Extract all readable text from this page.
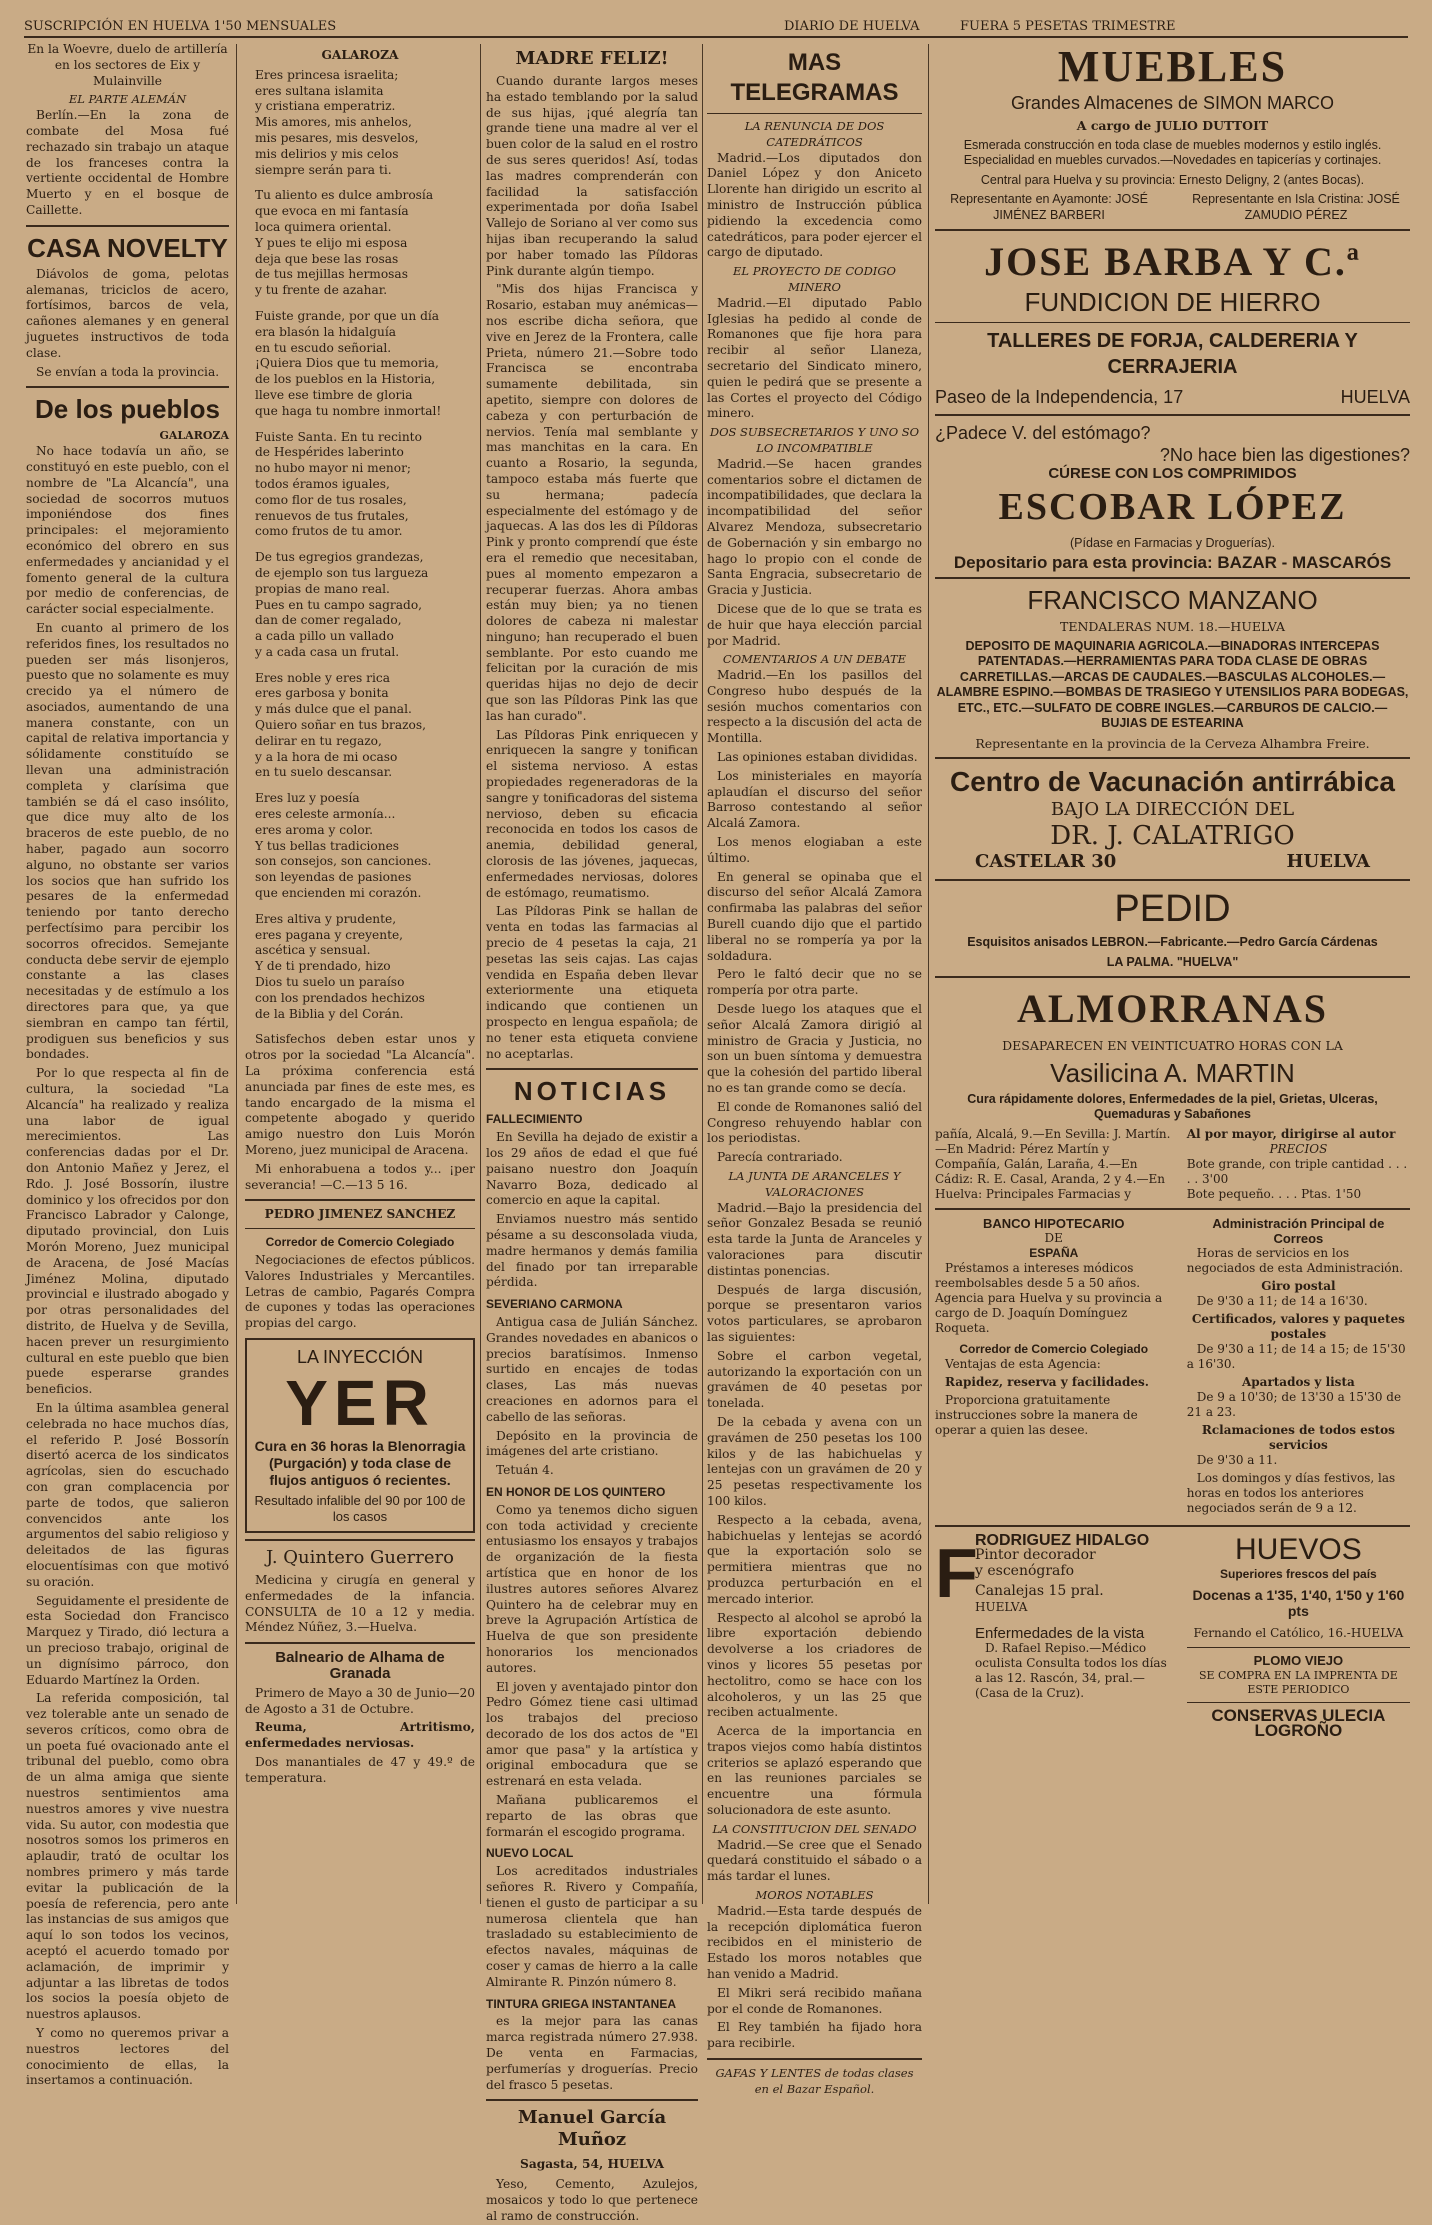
SUSCRIPCIÓN EN HUELVA 1'50 MENSUALES	DIARIO DE HUELVA	FUERA 5 PESETAS TRIMESTRE

En la Woevre, duelo de artillería en los sectores de Eix y Mulainville

EL PARTE ALEMÁN

Berlín.—En la zona de combate del Mosa fué rechazado sin trabajo un ataque de los franceses contra la vertiente occidental de Hombre Muerto y en el bosque de Caillette.

CASA NOVELTY

Diávolos de goma, pelotas alemanas, triciclos de acero, fortísimos, barcos de vela, cañones alemanes y en general juguetes instructivos de toda clase.

Se envían a toda la provincia.

De los pueblos
GALAROZA

No hace todavía un año, se constituyó en este pueblo, con el nombre de "La Alcancía", una sociedad de socorros mutuos imponiéndose dos fines principales: el mejoramiento económico del obrero en sus enfermedades y ancianidad y el fomento general de la cultura por medio de conferencias, de carácter social especialmente.

En cuanto al primero de los referidos fines, los resultados no pueden ser más lisonjeros, puesto que no solamente es muy crecido ya el número de asociados, aumentando de una manera constante, con un capital de relativa importancia y sólidamente constituído se llevan una administración completa y clarísima que también se dá el caso insólito, que dice muy alto de los braceros de este pueblo, de no haber, pagado aun socorro alguno, no obstante ser varios los socios que han sufrido los pesares de la enfermedad teniendo por tanto derecho perfectísimo para percibir los socorros ofrecidos. Semejante conducta debe servir de ejemplo constante a las clases necesitadas y de estímulo a los directores para que, ya que siembran en campo tan fértil, prodiguen sus beneficios y sus bondades.

Por lo que respecta al fin de cultura, la sociedad "La Alcancía" ha realizado y realiza una labor de igual merecimientos. Las conferencias dadas por el Dr. don Antonio Mañez y Jerez, el Rdo. J. José Bossorín, ilustre dominico y los ofrecidos por don Francisco Labrador y Calonge, diputado provincial, don Luis Morón Moreno, Juez municipal de Aracena, de José Macías Jiménez Molina, diputado provincial e ilustrado abogado y por otras personalidades del distrito, de Huelva y de Sevilla, hacen prever un resurgimiento cultural en este pueblo que bien puede esperarse grandes beneficios.

En la última asamblea general celebrada no hace muchos días, el referido P. José Bossorín disertó acerca de los sindicatos agrícolas, sien do escuchado con gran complacencia por parte de todos, que salieron convencidos ante los argumentos del sabio religioso y deleitados de las figuras elocuentísimas con que motivó su oración.

Seguidamente el presidente de esta Sociedad don Francisco Marquez y Tirado, dió lectura a un precioso trabajo, original de un dignísimo párroco, don Eduardo Martínez la Orden.

La referida composición, tal vez tolerable ante un senado de severos críticos, como obra de un poeta fué ovacionado ante el tribunal del pueblo, como obra de un alma amiga que siente nuestros sentimientos ama nuestros amores y vive nuestra vida. Su autor, con modestia que nosotros somos los primeros en aplaudir, trató de ocultar los nombres primero y más tarde evitar la publicación de la poesía de referencia, pero ante las instancias de sus amigos que aquí lo son todos los vecinos, aceptó el acuerdo tomado por aclamación, de imprimir y adjuntar a las libretas de todos los socios la poesía objeto de nuestros aplausos.

Y como no queremos privar a nuestros lectores del conocimiento de ellas, la insertamos a continuación.

GALAROZA

Eres princesa israelita;
eres sultana islamita
y cristiana emperatriz.
Mis amores, mis anhelos,
mis pesares, mis desvelos,
mis delirios y mis celos
siempre serán para ti.

Tu aliento es dulce ambrosía
que evoca en mi fantasía
loca quimera oriental.
Y pues te elijo mi esposa
deja que bese las rosas
de tus mejillas hermosas
y tu frente de azahar.

Fuiste grande, por que un día
era blasón la hidalguía
en tu escudo señorial.
¡Quiera Dios que tu memoria,
de los pueblos en la Historia,
lleve ese timbre de gloria
que haga tu nombre inmortal!

Fuiste Santa. En tu recinto
de Hespérides laberinto
no hubo mayor ni menor;
todos éramos iguales,
como flor de tus rosales,
renuevos de tus frutales,
como frutos de tu amor.

De tus egregios grandezas,
de ejemplo son tus largueza
propias de mano real.
Pues en tu campo sagrado,
dan de comer regalado,
a cada pillo un vallado
y a cada casa un frutal.

Eres noble y eres rica
eres garbosa y bonita
y más dulce que el panal.
Quiero soñar en tus brazos,
delirar en tu regazo,
y a la hora de mi ocaso
en tu suelo descansar.

Eres luz y poesía
eres celeste armonía...
eres aroma y color.
Y tus bellas tradiciones
son consejos, son canciones.
son leyendas de pasiones
que encienden mi corazón.

Eres altiva y prudente,
eres pagana y creyente,
ascética y sensual.
Y de ti prendado, hizo
Dios tu suelo un paraíso
con los prendados hechizos
de la Biblia y del Corán.

Satisfechos deben estar unos y otros por la sociedad "La Alcancía". La próxima conferencia está anunciada par fines de este mes, es tando encargado de la misma el competente abogado y querido amigo nuestro don Luis Morón Moreno, juez municipal de Aracena.

Mi enhorabuena a todos y... ¡per severancia! —C.—13 5 16.

PEDRO JIMENEZ SANCHEZ
Corredor de Comercio Colegiado

Negociaciones de efectos públicos. Valores Industriales y Mercantiles. Letras de cambio, Pagarés Compra de cupones y todas las operaciones propias del cargo.

LA INYECCIÓN
YER
Cura en 36 horas la Blenorragia (Purgación) y toda clase de flujos antiguos ó recientes.
Resultado infalible del 90 por 100 de los casos
J. Quintero Guerrero

Medicina y cirugía en general y enfermedades de la infancia. CONSULTA de 10 a 12 y media. Méndez Núñez, 3.—Huelva.

Balneario de Alhama de Granada

Primero de Mayo a 30 de Junio—20 de Agosto a 31 de Octubre.

Reuma, Artritismo, enfermedades nerviosas.

Dos manantiales de 47 y 49.º de temperatura.

MADRE FELIZ!

Cuando durante largos meses ha estado temblando por la salud de sus hijas, ¡qué alegría tan grande tiene una madre al ver el buen color de la salud en el rostro de sus seres queridos! Así, todas las madres comprenderán con facilidad la satisfacción experimentada por doña Isabel Vallejo de Soriano al ver como sus hijas iban recuperando la salud por haber tomado las Píldoras Pink durante algún tiempo.

"Mis dos hijas Francisca y Rosario, estaban muy anémicas—nos escribe dicha señora, que vive en Jerez de la Frontera, calle Prieta, número 21.—Sobre todo Francisca se encontraba sumamente debilitada, sin apetito, siempre con dolores de cabeza y con perturbación de nervios. Tenía mal semblante y mas manchitas en la cara. En cuanto a Rosario, la segunda, tampoco estaba más fuerte que su hermana; padecía especialmente del estómago y de jaquecas. A las dos les di Píldoras Pink y pronto comprendí que éste era el remedio que necesitaban, pues al momento empezaron a recuperar fuerzas. Ahora ambas están muy bien; ya no tienen dolores de cabeza ni malestar ninguno; han recuperado el buen semblante. Por esto cuando me felicitan por la curación de mis queridas hijas no dejo de decir que son las Píldoras Pink las que las han curado".

Las Píldoras Pink enriquecen y enriquecen la sangre y tonifican el sistema nervioso. A estas propiedades regeneradoras de la sangre y tonificadoras del sistema nervioso, deben su eficacia reconocida en todos los casos de anemia, debilidad general, clorosis de las jóvenes, jaquecas, enfermedades nerviosas, dolores de estómago, reumatismo.

Las Píldoras Pink se hallan de venta en todas las farmacias al precio de 4 pesetas la caja, 21 pesetas las seis cajas. Las cajas vendida en España deben llevar exteriormente una etiqueta indicando que contienen un prospecto en lengua española; de no tener esta etiqueta conviene no aceptarlas.

NOTICIAS
FALLECIMIENTO

En Sevilla ha dejado de existir a los 29 años de edad el que fué paisano nuestro don Joaquín Navarro Boza, dedicado al comercio en aque la capital.

Enviamos nuestro más sentido pésame a su desconsolada viuda, madre hermanos y demás familia del finado por tan irreparable pérdida.

SEVERIANO CARMONA

Antigua casa de Julián Sánchez. Grandes novedades en abanicos o precios baratísimos. Inmenso surtido en encajes de todas clases, Las más nuevas creaciones en adornos para el cabello de las señoras.

Depósito en la provincia de imágenes del arte cristiano.

Tetuán 4.

EN HONOR DE LOS QUINTERO

Como ya tenemos dicho siguen con toda actividad y creciente entusiasmo los ensayos y trabajos de organización de la fiesta artística que en honor de los ilustres autores señores Alvarez Quintero ha de celebrar muy en breve la Agrupación Artística de Huelva de que son presidente honorarios los mencionados autores.

El joven y aventajado pintor don Pedro Gómez tiene casi ultimad los trabajos del precioso decorado de los dos actos de "El amor que pasa" y la artística y original embocadura que se estrenará en esta velada.

Mañana publicaremos el reparto de las obras que formarán el escogido programa.

NUEVO LOCAL

Los acreditados industriales señores R. Rivero y Compañía, tienen el gusto de participar a su numerosa clientela que han trasladado su establecimiento de efectos navales, máquinas de coser y camas de hierro a la calle Almirante R. Pinzón número 8.

TINTURA GRIEGA INSTANTANEA

es la mejor para las canas marca registrada número 27.938. De venta en Farmacias, perfumerías y droguerías. Precio del frasco 5 pesetas.

Manuel García Muñoz
Sagasta, 54, HUELVA

Yeso, Cemento, Azulejos, mosaicos y todo lo que pertenece al ramo de construcción.

MAS TELEGRAMAS
LA RENUNCIA DE DOS CATEDRÁTICOS

Madrid.—Los diputados don Daniel López y don Aniceto Llorente han dirigido un escrito al ministro de Instrucción pública pidiendo la excedencia como catedráticos, para poder ejercer el cargo de diputado.

EL PROYECTO DE CODIGO MINERO

Madrid.—El diputado Pablo Iglesias ha pedido al conde de Romanones que fije hora para recibir al señor Llaneza, secretario del Sindicato minero, quien le pedirá que se presente a las Cortes el proyecto del Código minero.

DOS SUBSECRETARIOS Y UNO SO LO INCOMPATIBLE

Madrid.—Se hacen grandes comentarios sobre el dictamen de incompatibilidades, que declara la incompatibilidad del señor Alvarez Mendoza, subsecretario de Gobernación y sin embargo no hago lo propio con el conde de Santa Engracia, subsecretario de Gracia y Justicia.

Dicese que de lo que se trata es de huir que haya elección parcial por Madrid.

COMENTARIOS A UN DEBATE

Madrid.—En los pasillos del Congreso hubo después de la sesión muchos comentarios con respecto a la discusión del acta de Montilla.

Las opiniones estaban divididas.

Los ministeriales en mayoría aplaudían el discurso del señor Barroso contestando al señor Alcalá Zamora.

Los menos elogiaban a este último.

En general se opinaba que el discurso del señor Alcalá Zamora confirmaba las palabras del señor Burell cuando dijo que el partido liberal no se rompería ya por la soldadura.

Pero le faltó decir que no se rompería por otra parte.

Desde luego los ataques que el señor Alcalá Zamora dirigió al ministro de Gracia y Justicia, no son un buen síntoma y demuestra que la cohesión del partido liberal no es tan grande como se decía.

El conde de Romanones salió del Congreso rehuyendo hablar con los periodistas.

Parecía contrariado.

LA JUNTA DE ARANCELES Y VALORACIONES

Madrid.—Bajo la presidencia del señor Gonzalez Besada se reunió esta tarde la Junta de Aranceles y valoraciones para discutir distintas ponencias.

Después de larga discusión, porque se presentaron varios votos particulares, se aprobaron las siguientes:

Sobre el carbon vegetal, autorizando la exportación con un gravámen de 40 pesetas por tonelada.

De la cebada y avena con un gravámen de 250 pesetas los 100 kilos y de las habichuelas y lentejas con un gravámen de 20 y 25 pesetas respectivamente los 100 kilos.

Respecto a la cebada, avena, habichuelas y lentejas se acordó que la exportación solo se permitiera mientras que no produzca perturbación en el mercado interior.

Respecto al alcohol se aprobó la libre exportación debiendo devolverse a los criadores de vinos y licores 55 pesetas por hectolitro, como se hace con los alcoholeros, y un las 25 que reciben actualmente.

Acerca de la importancia en trapos viejos como había distintos criterios se aplazó esperando que en las reuniones parciales se encuentre una fórmula solucionadora de este asunto.

LA CONSTITUCION DEL SENADO

Madrid.—Se cree que el Senado quedará constituido el sábado o a más tardar el lunes.

MOROS NOTABLES

Madrid.—Esta tarde después de la recepción diplomática fueron recibidos en el ministerio de Estado los moros notables que han venido a Madrid.

El Mikri será recibido mañana por el conde de Romanones.

El Rey también ha fijado hora para recibirle.

GAFAS Y LENTES de todas clases en el Bazar Español.
MUEBLES
Grandes Almacenes de SIMON MARCO
A cargo de JULIO DUTTOIT
Esmerada construcción en toda clase de muebles modernos y estilo inglés. Especialidad en muebles curvados.—Novedades en tapicerías y cortinajes.
Central para Huelva y su provincia: Ernesto Deligny, 2 (antes Bocas).
Representante en Ayamonte: JOSÉ JIMÉNEZ BARBERI
Representante en Isla Cristina: JOSÉ ZAMUDIO PÉREZ
JOSE BARBA Y C.ª
FUNDICION DE HIERRO
TALLERES DE FORJA, CALDERERIA Y CERRAJERIA
Paseo de la Independencia, 17	HUELVA
¿Padece V. del estómago?
?No hace bien las digestiones?
CÚRESE CON LOS COMPRIMIDOS
ESCOBAR LÓPEZ
(Pídase en Farmacias y Droguerías).
Depositario para esta provincia: BAZAR - MASCARÓS
FRANCISCO MANZANO
TENDALERAS NUM. 18.—HUELVA
DEPOSITO DE MAQUINARIA AGRICOLA.—BINADORAS INTERCEPAS PATENTADAS.—HERRAMIENTAS PARA TODA CLASE DE OBRAS CARRETILLAS.—ARCAS DE CAUDALES.—BASCULAS ALCOHOLES.—ALAMBRE ESPINO.—BOMBAS DE TRASIEGO Y UTENSILIOS PARA BODEGAS, ETC., ETC.—SULFATO DE COBRE INGLES.—CARBUROS DE CALCIO.—BUJIAS DE ESTEARINA
Representante en la provincia de la Cerveza Alhambra Freire.
Centro de Vacunación antirrábica
BAJO LA DIRECCIÓN DEL
DR. J. CALATRIGO
CASTELAR 30	HUELVA
PEDID
Esquisitos anisados LEBRON.—Fabricante.—Pedro García Cárdenas
LA PALMA. "HUELVA"
ALMORRANAS
DESAPARECEN EN VEINTICUATRO HORAS CON LA
Vasilicina A. MARTIN
Cura rápidamente dolores, Enfermedades de la piel, Grietas, Ulceras, Quemaduras y Sabañones
pañía, Alcalá, 9.—En Sevilla: J. Martín.—En Madrid: Pérez Martín y Compañía, Galán, Laraña, 4.—En Cádiz: R. E. Casal, Aranda, 2 y 4.—En Huelva: Principales Farmacias y
Al por mayor, dirigirse al autor
PRECIOS
Bote grande, con triple cantidad . . . . . 3'00
Bote pequeño. . . . Ptas. 1'50
BANCO HIPOTECARIO
DE
ESPAÑA

Préstamos a intereses módicos reembolsables desde 5 a 50 años. Agencia para Huelva y su provincia a cargo de D. Joaquín Domínguez Roqueta.

Corredor de Comercio Colegiado

Ventajas de esta Agencia:

Rapidez, reserva y facilidades.

Proporciona gratuitamente instrucciones sobre la manera de operar a quien las desee.

Administración Principal de Correos

Horas de servicios en los negociados de esta Administración.

Giro postal

De 9'30 a 11; de 14 a 16'30.

Certificados, valores y paquetes postales

De 9'30 a 11; de 14 a 15; de 15'30 a 16'30.

Apartados y lista

De 9 a 10'30; de 13'30 a 15'30 de 21 a 23.

Rclamaciones de todos estos servicios

De 9'30 a 11.

Los domingos y días festivos, las horas en todos los anteriores negociados serán de 9 a 12.

F
RODRIGUEZ HIDALGO
Pintor decorador
y escenógrafo
Canalejas 15 pral.
HUELVA
Enfermedades de la vista

D. Rafael Repiso.—Médico oculista Consulta todos los días a las 12. Rascón, 34, pral.—(Casa de la Cruz).

HUEVOS
Superiores frescos del país
Docenas a 1'35, 1'40, 1'50 y 1'60 pts
Fernando el Católico, 16.-HUELVA
PLOMO VIEJO
SE COMPRA EN LA IMPRENTA DE ESTE PERIODICO
CONSERVAS ULECIA LOGROÑO
